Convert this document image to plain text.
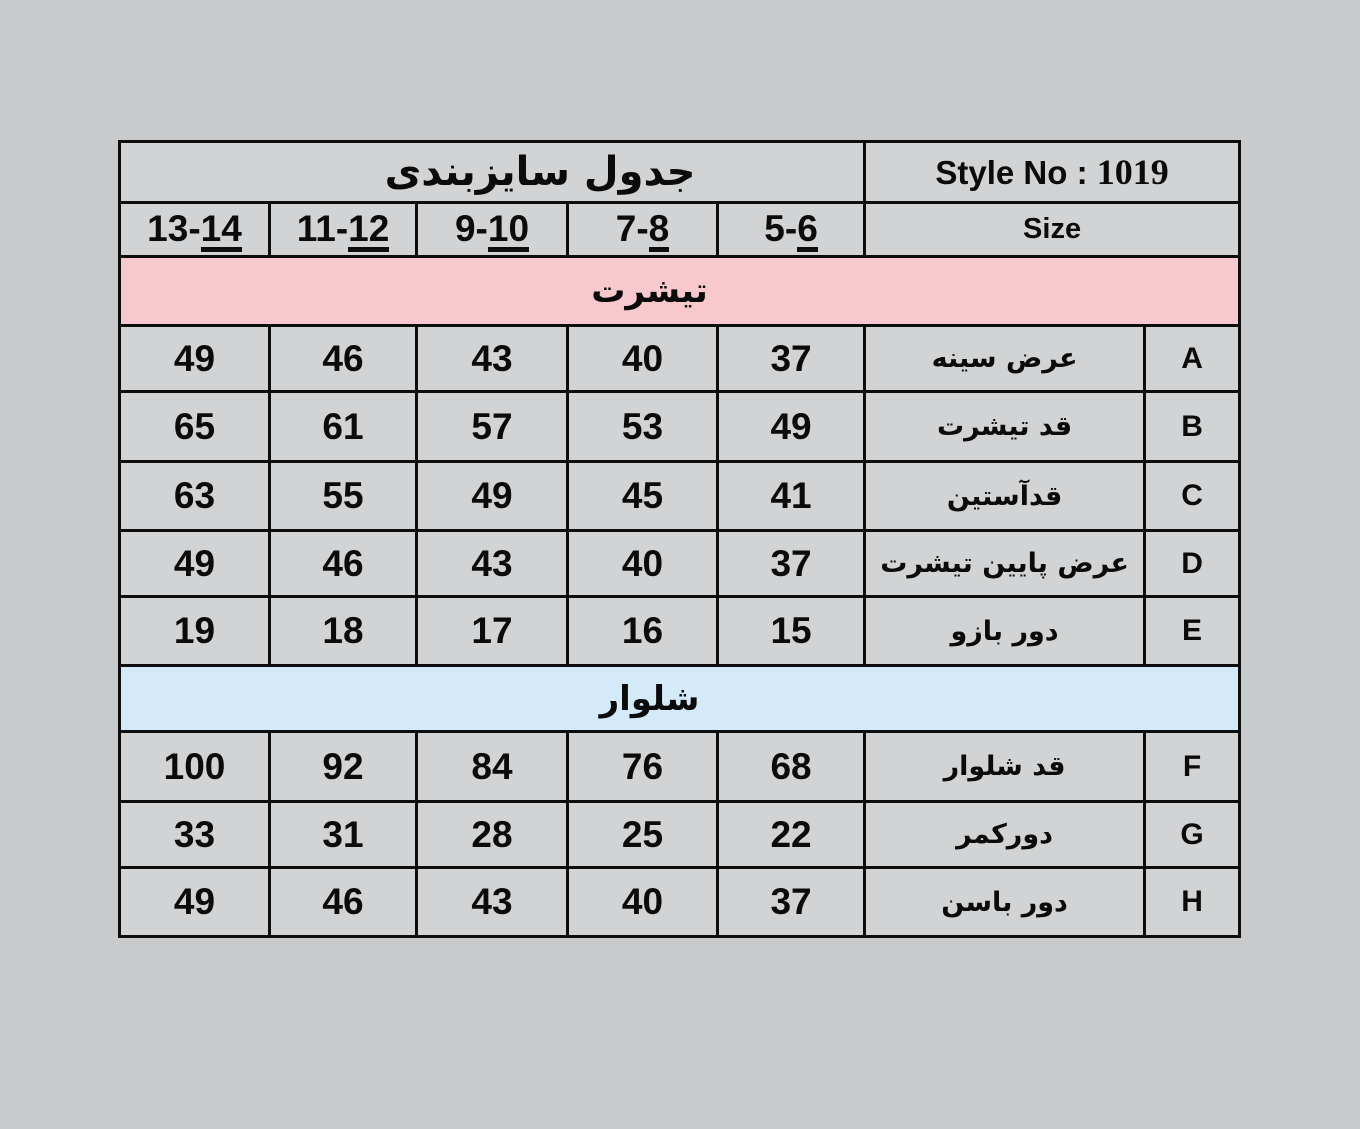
جدول سایزبندی					Style No : 1019	
13-14	11-12	9-10	7-8	5-6	Size	
تیشرت						
49	46	43	40	37	عرض سینه	A
65	61	57	53	49	قد تیشرت	B
63	55	49	45	41	قدآستین	C
49	46	43	40	37	عرض پایین تیشرت	D
19	18	17	16	15	دور بازو	E
شلوار						
100	92	84	76	68	قد شلوار	F
33	31	28	25	22	دورکمر	G
49	46	43	40	37	دور باسن	H
